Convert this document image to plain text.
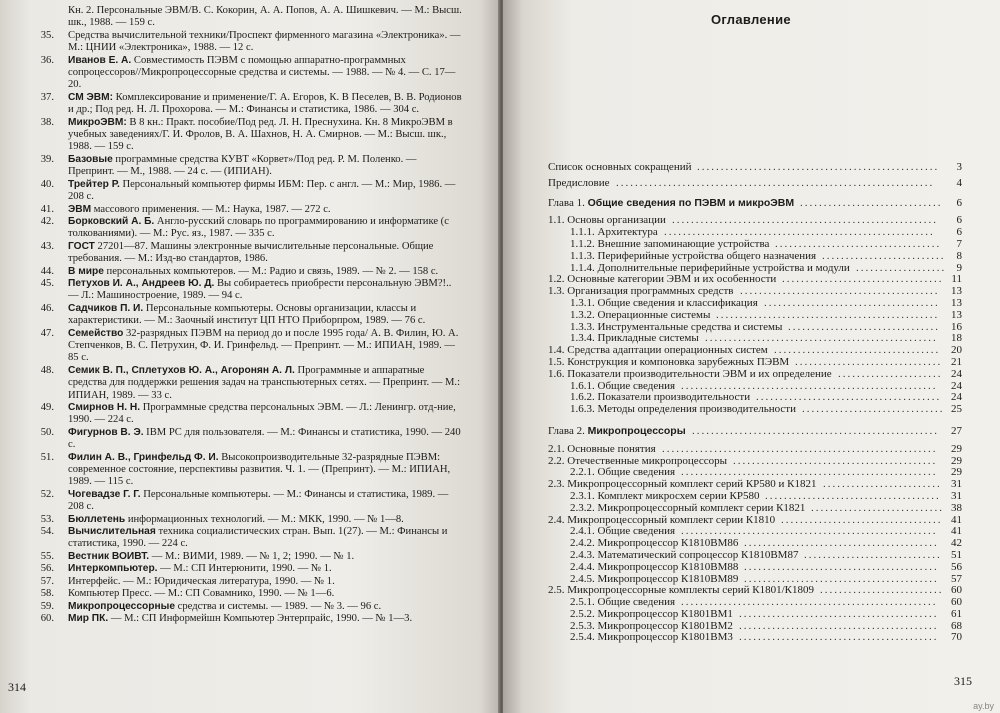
Кн. 2. Персональные ЭВМ/В. С. Кокорин, А. А. Попов, А. А. Шишкевич. — М.: Высш. шк., 1988. — 159 с.
35. Средства вычислительной техники/Проспект фирменного магазина «Электроника». — М.: ЦНИИ «Электроника», 1988. — 12 с.
36. Иванов Е. А. Совместимость ПЭВМ с помощью аппаратно-программных сопроцессоров//Микропроцессорные средства и системы. — 1988. — № 4. — С. 17—20.
37. СМ ЭВМ: Комплексирование и применение/Г. А. Егоров, К. В Песелев, В. В. Родионов и др.; Под ред. Н. Л. Прохорова. — М.: Финансы и статистика, 1986. — 304 с.
38. МикроЭВМ: В 8 кн.: Практ. пособие/Под ред. Л. Н. Преснухина. Кн. 8 МикроЭВМ в учебных заведениях/Г. И. Фролов, В. А. Шахнов, Н. А. Смирнов. — М.: Высш. шк., 1988. — 159 с.
39. Базовые программные средства КУВТ «Корвет»/Под ред. Р. М. Поленко. — Препринт. — М., 1988. — 24 с. — (ИПИАН).
40. Трейтер Р. Персональный компьютер фирмы ИБМ: Пер. с англ. — М.: Мир, 1986. — 208 с.
41. ЭВМ массового применения. — М.: Наука, 1987. — 272 с.
42. Борковский А. Б. Англо-русский словарь по программированию и информатике (с толкованиями). — М.: Рус. яз., 1987. — 335 с.
43. ГОСТ 27201—87. Машины электронные вычислительные персональные. Общие требования. — М.: Изд-во стандартов, 1986.
44. В мире персональных компьютеров. — М.: Радио и связь, 1989. — № 2. — 158 с.
45. Петухов И. А., Андреев Ю. Д. Вы собираетесь приобрести персональную ЭВМ?!.. — Л.: Машиностроение, 1989. — 94 с.
46. Садчиков П. И. Персональные компьютеры. Основы организации, классы и характеристики. — М.: Заочный институт ЦП НТО Приборпром, 1989. — 76 с.
47. Семейство 32-разрядных ПЭВМ на период до и после 1995 года/ А. В. Филин, Ю. А. Степченков, В. С. Петрухин, Ф. И. Гринфельд. — Препринт. — М.: ИПИАН, 1989. — 85 с.
48. Семик В. П., Сплетухов Ю. А., Агоронян А. Л. Программные и аппаратные средства для поддержки решения задач на транспьютерных сетях. — Препринт. — М.: ИПИАН, 1989. — 33 с.
49. Смирнов Н. Н. Программные средства персональных ЭВМ. — Л.: Ленингр. отд-ние, 1990. — 224 с.
50. Фигурнов В. Э. IBM PC для пользователя. — М.: Финансы и статистика, 1990. — 240 с.
51. Филин А. В., Гринфельд Ф. И. Высокопроизводительные 32-разрядные ПЭВМ: современное состояние, перспективы развития. Ч. 1. — (Препринт). — М.: ИПИАН, 1989. — 115 с.
52. Чогевадзе Г. Г. Персональные компьютеры. — М.: Финансы и статистика, 1989. — 208 с.
53. Бюллетень информационных технологий. — М.: МКК, 1990. — № 1—8.
54. Вычислительная техника социалистических стран. Вып. 1(27). — М.: Финансы и статистика, 1990. — 224 с.
55. Вестник ВОИВТ. — М.: ВИМИ, 1989. — № 1, 2; 1990. — № 1.
56. Интеркомпьютер. — М.: СП Интерюнити, 1990. — № 1.
57. Интерфейс. — М.: Юридическая литература, 1990. — № 1.
58. Компьютер Пресс. — М.: СП Совамнико, 1990. — № 1—6.
59. Микропроцессорные средства и системы. — 1989. — № 3. — 96 с.
60. Мир ПК. — М.: СП Информейшн Компьютер Энтерпрайс, 1990. — № 1—3.
314
Оглавление
Список основных сокращений ...................................................	3
Предисловие ...................................................................	4
Глава 1. Общие сведения по ПЭВМ и микроЭВМ ..............................	6
1.1. Основы организации ........................................................	6
1.1.1. Архитектура .........................................................	6
1.1.2. Внешние запоминающие устройства ...................................	7
1.1.3. Периферийные устройства общего назначения .......................... 8
1.1.4. Дополнительные периферийные устройства и модули ................... 9
1.2. Основные категории ЭВМ и их особенности .................................. 11
1.3. Организация программных средств ..........................................	13
1.3.1. Общие сведения и классификация .....................................	13
1.3.2. Операционные системы ...............................................	13
1.3.3. Инструментальные средства и системы ................................	16
1.3.4. Прикладные системы .................................................	18
1.4. Средства адаптации операционных систем ................................... 20
1.5. Конструкция и компоновка зарубежных ПЭВМ ............................... 21
1.6. Показатели производительности ЭВМ и их определение ...................... 24
1.6.1. Общие сведения ......................................................	24
1.6.2. Показатели производительности ....................................... 24
1.6.3. Методы определения производительности .............................. 25
Глава 2. Микропроцессоры ....................................................	27
2.1. Основные понятия ..........................................................	29
2.2. Отечественные микропроцессоры ...........................................	29
2.2.1. Общие сведения ......................................................	29
2.3. Микропроцессорный комплект серий КР580 и К1821 ......................... 31
2.3.1. Комплект микросхем серии КР580 ..................................... 31
2.3.2. Микропроцессорный комплект серии К1821 ............................ 38
2.4. Микропроцессорный комплект серии К1810 .................................. 41
2.4.1. Общие сведения ......................................................	41
2.4.2. Микропроцессор К1810ВМ86 .........................................	42
2.4.3. Математический сопроцессор К1810ВМ87 ............................. 51
2.4.4. Микропроцессор К1810ВМ88 .........................................	56
2.4.5. Микропроцессор К1810ВМ89 .........................................	57
2.5. Микропроцессорные комплекты серий К1801/К1809 .......................... 60
2.5.1. Общие сведения ......................................................	60
2.5.2. Микропроцессор К1801ВМ1 ..........................................	61
2.5.3. Микропроцессор К1801ВМ2 ..........................................	68
2.5.4. Микропроцессор К1801ВМ3 ..........................................	70
315
ay.by
